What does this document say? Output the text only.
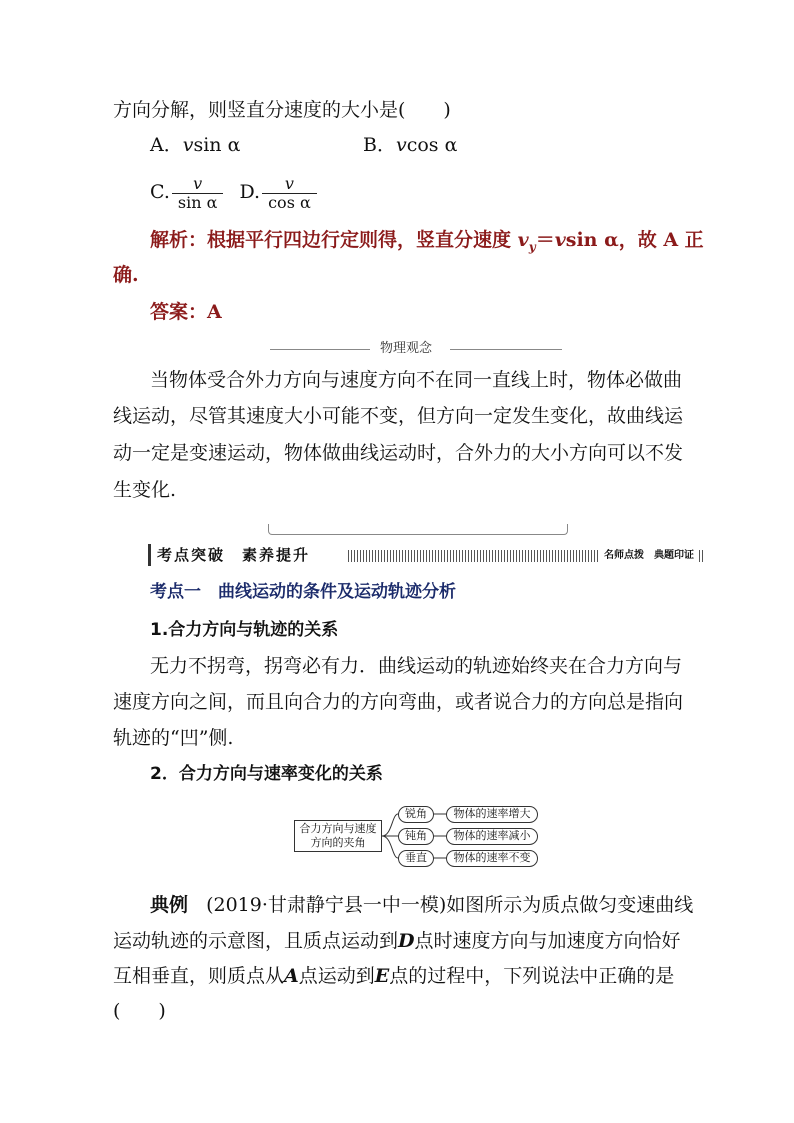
方向分解，则竖直分速度的大小是(　　)
A．vsin α	B．vcos α
C. $\frac{v}{\text{sin α}} D$. $\frac{v}{\text{cos α}}$
解析：根据平行四边行定则得，竖直分速度 $v_y=vsin$ α，故 A 正
确.
答案：A
物理观念
当物体受合外力方向与速度方向不在同一直线上时，物体必做曲
线运动，尽管其速度大小可能不变，但方向一定发生变化，故曲线运
动一定是变速运动，物体做曲线运动时，合外力的大小方向可以不发
生变化.
考点突破　素养提升	名师点拨　典题印证
考点一　曲线运动的条件及运动轨迹分析
1.合力方向与轨迹的关系
无力不拐弯，拐弯必有力．曲线运动的轨迹始终夹在合力方向与
速度方向之间，而且向合力的方向弯曲，或者说合力的方向总是指向
轨迹的“凹”侧.
2．合力方向与速率变化的关系
合力方向与速度方向的夹角
锐角
钝角
垂直
物体的速率增大
物体的速率减小
物体的速率不变
典例 (2019·甘肃静宁县一中一模)如图所示为质点做匀变速曲线
运动轨迹的示意图，且质点运动到D点时速度方向与加速度方向恰好
互相垂直，则质点从A点运动到E点的过程中，下列说法中正确的是
(　　)
